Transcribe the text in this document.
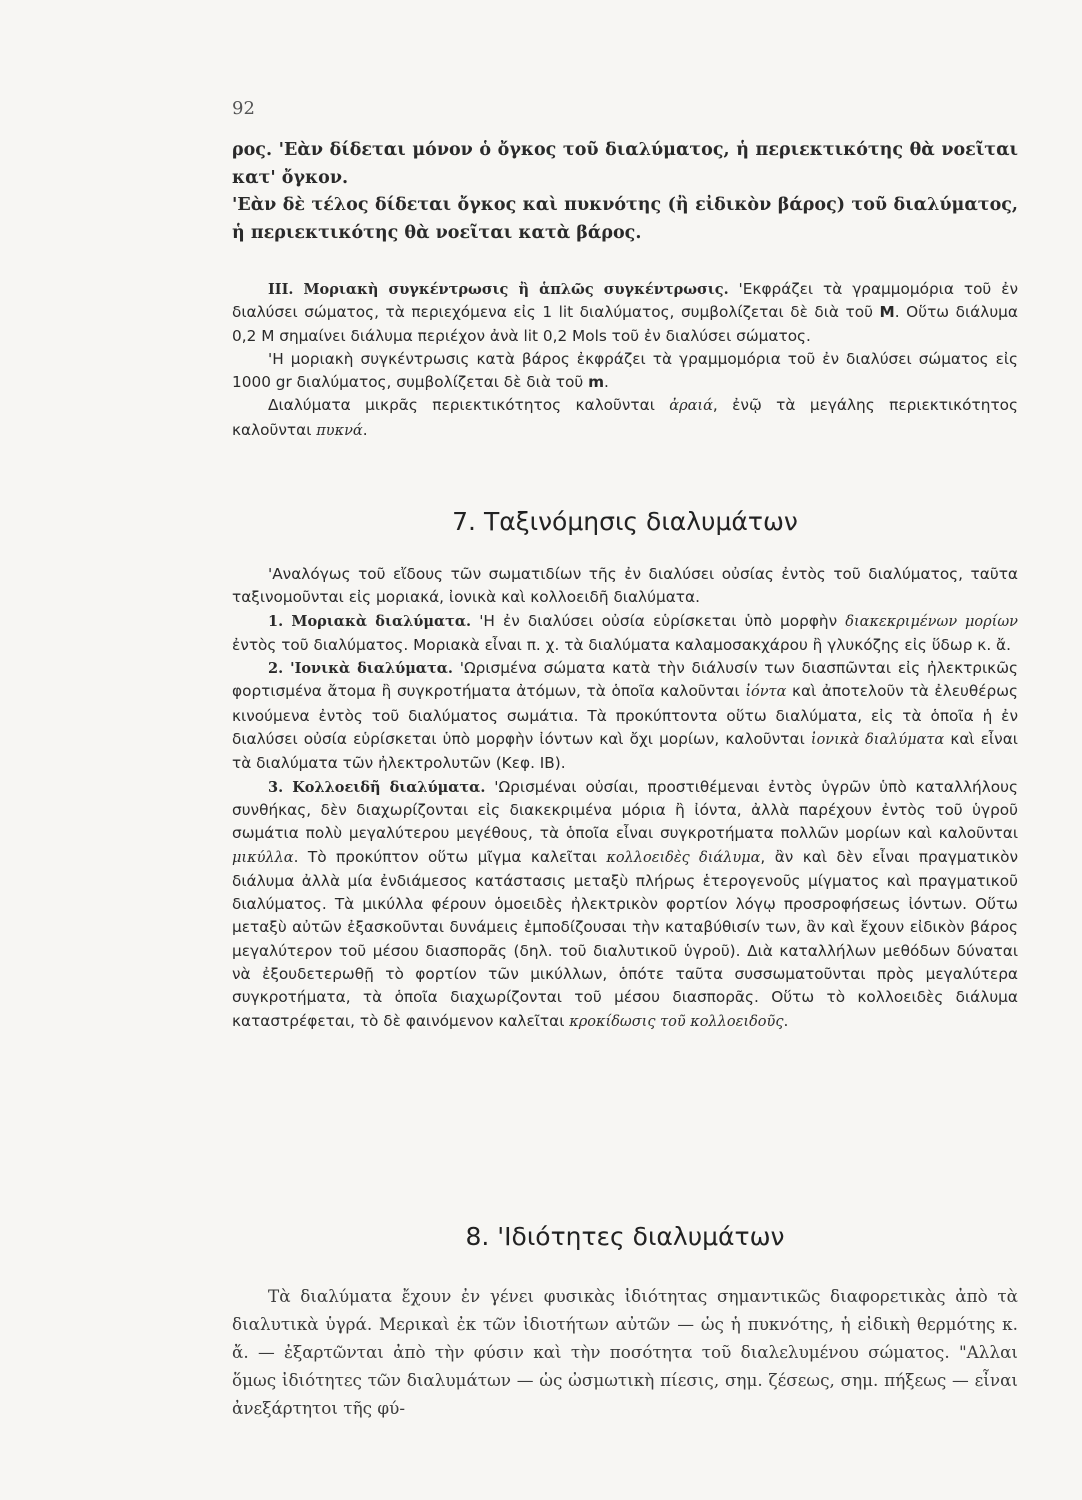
92

ρος. 'Εὰν δίδεται μόνον ὁ ὄγκος τοῦ διαλύματος, ἡ περιεκτικότης θὰ νοεῖται κατ' ὄγκον.

'Εὰν δὲ τέλος δίδεται ὄγκος καὶ πυκνότης (ἢ εἰδικὸν βάρος) τοῦ διαλύματος, ἡ περιεκτικότης θὰ νοεῖται κατὰ βάρος.

III. Μοριακὴ συγκέντρωσις ἢ ἁπλῶς συγκέντρωσις. 'Εκφράζει τὰ γραμμομόρια τοῦ ἐν διαλύσει σώματος, τὰ περιεχόμενα εἰς 1 lit διαλύματος, συμβολίζεται δὲ διὰ τοῦ M. Οὕτω διάλυμα 0,2 M σημαίνει διάλυμα περιέχον ἀνὰ lit 0,2 Mols τοῦ ἐν διαλύσει σώματος.

'Η μοριακὴ συγκέντρωσις κατὰ βάρος ἐκφράζει τὰ γραμμομόρια τοῦ ἐν διαλύσει σώματος εἰς 1000 gr διαλύματος, συμβολίζεται δὲ διὰ τοῦ m.

Διαλύματα μικρᾶς περιεκτικότητος καλοῦνται ἀραιά, ἐνῷ τὰ μεγάλης περιεκτικότητος καλοῦνται πυκνά.

7. Ταξινόμησις διαλυμάτων

'Αναλόγως τοῦ εἴδους τῶν σωματιδίων τῆς ἐν διαλύσει οὐσίας ἐντὸς τοῦ διαλύματος, ταῦτα ταξινομοῦνται εἰς μοριακά, ἰονικὰ καὶ κολλοειδῆ διαλύματα.

1. Μοριακὰ διαλύματα. 'Η ἐν διαλύσει οὐσία εὑρίσκεται ὑπὸ μορφὴν διακεκριμένων μορίων ἐντὸς τοῦ διαλύματος. Μοριακὰ εἶναι π. χ. τὰ διαλύματα καλαμοσακχάρου ἢ γλυκόζης εἰς ὕδωρ κ. ἄ.

2. 'Ιονικὰ διαλύματα. 'Ωρισμένα σώματα κατὰ τὴν διάλυσίν των διασπῶνται εἰς ἠλεκτρικῶς φορτισμένα ἄτομα ἢ συγκροτήματα ἀτόμων, τὰ ὁποῖα καλοῦνται ἰόντα καὶ ἀποτελοῦν τὰ ἐλευθέρως κινούμενα ἐντὸς τοῦ διαλύματος σωμάτια. Τὰ προκύπτοντα οὕτω διαλύματα, εἰς τὰ ὁποῖα ἡ ἐν διαλύσει οὐσία εὑρίσκεται ὑπὸ μορφὴν ἰόντων καὶ ὄχι μορίων, καλοῦνται ἰονικὰ διαλύματα καὶ εἶναι τὰ διαλύματα τῶν ἠλεκτρολυτῶν (Κεφ. ΙΒ).

3. Κολλοειδῆ διαλύματα. 'Ωρισμέναι οὐσίαι, προστιθέμεναι ἐντὸς ὑγρῶν ὑπὸ καταλλήλους συνθήκας, δὲν διαχωρίζονται εἰς διακεκριμένα μόρια ἢ ἰόντα, ἀλλὰ παρέχουν ἐντὸς τοῦ ὑγροῦ σωμάτια πολὺ μεγαλύτερου μεγέθους, τὰ ὁποῖα εἶναι συγκροτήματα πολλῶν μορίων καὶ καλοῦνται μικύλλα. Τὸ προκύπτον οὕτω μῖγμα καλεῖται κολλοειδὲς διάλυμα, ἂν καὶ δὲν εἶναι πραγματικὸν διάλυμα ἀλλὰ μία ἐνδιάμεσος κατάστασις μεταξὺ πλήρως ἑτερογενοῦς μίγματος καὶ πραγματικοῦ διαλύματος. Τὰ μικύλλα φέρουν ὁμοειδὲς ἠλεκτρικὸν φορτίον λόγῳ προσροφήσεως ἰόντων. Οὕτω μεταξὺ αὐτῶν ἐξασκοῦνται δυνάμεις ἐμποδίζουσαι τὴν καταβύθισίν των, ἂν καὶ ἔχουν εἰδικὸν βάρος μεγαλύτερον τοῦ μέσου διασπορᾶς (δηλ. τοῦ διαλυτικοῦ ὑγροῦ). Διὰ καταλλήλων μεθόδων δύναται νὰ ἐξουδετερωθῇ τὸ φορτίον τῶν μικύλλων, ὁπότε ταῦτα συσσωματοῦνται πρὸς μεγαλύτερα συγκροτήματα, τὰ ὁποῖα διαχωρίζονται τοῦ μέσου διασπορᾶς. Οὕτω τὸ κολλοειδὲς διάλυμα καταστρέφεται, τὸ δὲ φαινόμενον καλεῖται κροκίδωσις τοῦ κολλοειδοῦς.

8. 'Ιδιότητες διαλυμάτων

Τὰ διαλύματα ἔχουν ἐν γένει φυσικὰς ἰδιότητας σημαντικῶς διαφορετικὰς ἀπὸ τὰ διαλυτικὰ ὑγρά. Μερικαὶ ἐκ τῶν ἰδιοτήτων αὐτῶν — ὡς ἡ πυκνότης, ἡ εἰδικὴ θερμότης κ. ἄ. — ἐξαρτῶνται ἀπὸ τὴν φύσιν καὶ τὴν ποσότητα τοῦ διαλελυμένου σώματος. "Αλλαι ὅμως ἰδιότητες τῶν διαλυμάτων — ὡς ὠσμωτικὴ πίεσις, σημ. ζέσεως, σημ. πήξεως — εἶναι ἀνεξάρτητοι τῆς φύ-
